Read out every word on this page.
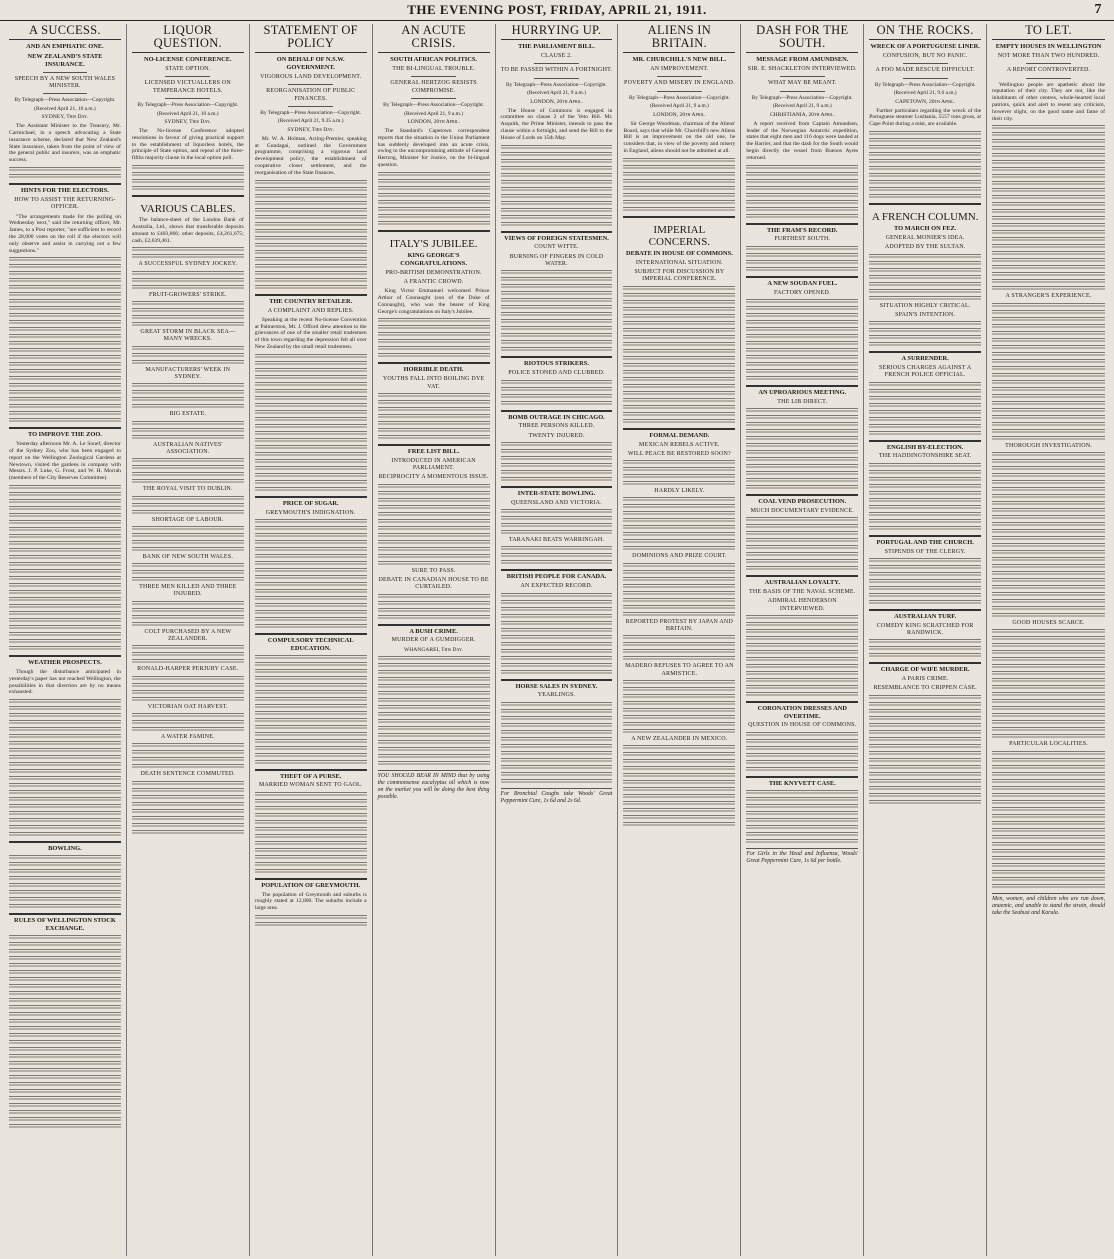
THE EVENING POST, FRIDAY, APRIL 21, 1911.	7
A SUCCESS.
AND AN EMPHATIC ONE.
NEW ZEALAND'S STATE INSURANCE.
SPEECH BY A NEW SOUTH WALES MINISTER.
By Telegraph—Press Association—Copyright.
(Received April 21, 10 a.m.)
SYDNEY, This Day.

The Assistant Minister to the Treasury, Mr. Carmichael, in a speech advocating a State insurance scheme, declared that New Zealand's State insurance, taken from the point of view of the general public and insurers, was an emphatic success.

HINTS FOR THE ELECTORS.
HOW TO ASSIST THE RETURNING-OFFICER.

"The arrangements made for the polling on Wednesday next," said the returning officer, Mr. James, to a Post reporter, "are sufficient to record the 28,000 votes on the roll if the electors will only observe and assist in carrying out a few suggestions."

TO IMPROVE THE ZOO.

Yesterday afternoon Mr. A. Le Souef, director of the Sydney Zoo, who has been engaged to report on the Wellington Zoological Gardens at Newtown, visited the gardens in company with Messrs. J. P. Luke, G. Frost, and W. H. Morrah (members of the City Reserves Committee).

WEATHER PROSPECTS.

Though the disturbance anticipated in yesterday's paper has not reached Wellington, the possibilities in that direction are by no means exhausted.

BOWLING.
RULES OF WELLINGTON STOCK EXCHANGE.
LIQUOR QUESTION.
NO-LICENSE CONFERENCE.
STATE OPTION.
LICENSED VICTUALLERS ON TEMPERANCE HOTELS.
By Telegraph—Press Association—Copyright.
(Received April 21, 10 a.m.)
SYDNEY, This Day.

The No-license Conference adopted resolutions in favour of giving practical support to the establishment of liquorless hotels, the principle of State option, and repeal of the three-fifths majority clause in the local option poll.

VARIOUS CABLES.

The balance-sheet of the London Bank of Australia, Ltd., shows that transferable deposits amount to £403,866; other deposits, £4,261,675; cash, £2,639,461.

A SUCCESSFUL SYDNEY JOCKEY.
FRUIT-GROWERS' STRIKE.
GREAT STORM IN BLACK SEA—MANY WRECKS.
MANUFACTURERS' WEEK IN SYDNEY.
BIG ESTATE.
AUSTRALIAN NATIVES' ASSOCIATION.
THE ROYAL VISIT TO DUBLIN.
SHORTAGE OF LABOUR.
BANK OF NEW SOUTH WALES.
THREE MEN KILLED AND THREE INJURED.
COLT PURCHASED BY A NEW ZEALANDER.
RONALD-HARPER PERJURY CASE.
VICTORIAN OAT HARVEST.
A WATER FAMINE.
DEATH SENTENCE COMMUTED.
STATEMENT OF POLICY
ON BEHALF OF N.S.W. GOVERNMENT.
VIGOROUS LAND DEVELOPMENT.
REORGANISATION OF PUBLIC FINANCES.
By Telegraph—Press Association—Copyright.
(Received April 21, 9.35 a.m.)
SYDNEY, This Day.

Mr. W. A. Holman, Acting-Premier, speaking at Gundagai, outlined the Government programme, comprising a vigorous land development policy, the establishment of cooperative closer settlement, and the reorganisation of the State finances.

THE COUNTRY RETAILER.
A COMPLAINT AND REPLIES.

Speaking at the recent No-license Convention at Palmerston, Mr. J. Offord drew attention to the grievances of one of the smaller retail tradesmen of this town regarding the depression felt all over New Zealand by the small retail tradesmen.

PRICE OF SUGAR.
GREYMOUTH'S INDIGNATION.
COMPULSORY TECHNICAL EDUCATION.
THEFT OF A PURSE.
MARRIED WOMAN SENT TO GAOL.
POPULATION OF GREYMOUTH.

The population of Greymouth and suburbs is roughly stated at 12,800. The suburbs include a large area.

AN ACUTE CRISIS.
SOUTH AFRICAN POLITICS.
THE BI-LINGUAL TROUBLE.
GENERAL HERTZOG RESISTS COMPROMISE.
By Telegraph—Press Association—Copyright.
(Received April 21, 9 a.m.)
LONDON, 20th April.

The Standard's Capetown correspondent reports that the situation in the Union Parliament has suddenly developed into an acute crisis, owing to the uncompromising attitude of General Hertzog, Minister for Justice, on the bi-lingual question.

ITALY'S JUBILEE.
KING GEORGE'S CONGRATULATIONS.
PRO-BRITISH DEMONSTRATION.
A FRANTIC CROWD.

King Victor Emmanuel welcomed Prince Arthur of Connaught (son of the Duke of Connaught), who was the bearer of King George's congratulations on Italy's Jubilee.

HORRIBLE DEATH.
YOUTHS FALL INTO BOILING DYE VAT.
FREE LIST BILL.
INTRODUCED IN AMERICAN PARLIAMENT.
RECIPROCITY A MOMENTOUS ISSUE.
SURE TO PASS.
DEBATE IN CANADIAN HOUSE TO BE CURTAILED.
A BUSH CRIME.
MURDER OF A GUMDIGGER.
WHANGAREI, This Day.
YOU SHOULD BEAR IN MIND that by using the commonsense eucalyptus oil which is now on the market you will be doing the best thing possible.
HURRYING UP.
THE PARLIAMENT BILL.
CLAUSE 2.
TO BE PASSED WITHIN A FORTNIGHT.
By Telegraph—Press Association—Copyright.
(Received April 21, 9 a.m.)
LONDON, 20th April.

The House of Commons is engaged in committee on clause 2 of the Veto Bill. Mr. Asquith, the Prime Minister, intends to pass the clause within a fortnight, and send the Bill to the House of Lords on 15th May.

VIEWS OF FOREIGN STATESMEN.
COUNT WITTE.
BURNING OF FINGERS IN COLD WATER.
RIOTOUS STRIKERS.
POLICE STONED AND CLUBBED.
BOMB OUTRAGE IN CHICAGO.
THREE PERSONS KILLED.
TWENTY INJURED.
INTER-STATE BOWLING.
QUEENSLAND AND VICTORIA.
TARANAKI BEATS WARRINGAH.
BRITISH PEOPLE FOR CANADA.
AN EXPECTED RECORD.
HORSE SALES IN SYDNEY.
YEARLINGS.
For Bronchial Coughs take Woods' Great Peppermint Cure, 1s 6d and 2s 6d.
ALIENS IN BRITAIN.
MR. CHURCHILL'S NEW BILL.
AN IMPROVEMENT.
POVERTY AND MISERY IN ENGLAND.
By Telegraph—Press Association—Copyright.
(Received April 21, 9 a.m.)
LONDON, 20th April.

Sir George Woodman, chairman of the Aliens' Board, says that while Mr. Churchill's new Aliens Bill is an improvement on the old one, he considers that, in view of the poverty and misery in England, aliens should not be admitted at all.

IMPERIAL CONCERNS.
DEBATE IN HOUSE OF COMMONS.
INTERNATIONAL SITUATION.
SUBJECT FOR DISCUSSION BY IMPERIAL CONFERENCE.
FORMAL DEMAND.
MEXICAN REBELS ACTIVE.
WILL PEACE BE RESTORED SOON?
HARDLY LIKELY.
DOMINIONS AND PRIZE COURT.
REPORTED PROTEST BY JAPAN AND BRITAIN.
MADERO REFUSES TO AGREE TO AN ARMISTICE.
A NEW ZEALANDER IN MEXICO.
DASH FOR THE SOUTH.
MESSAGE FROM AMUNDSEN.
SIR. E. SHACKLETON INTERVIEWED.
WHAT MAY BE MEANT.
By Telegraph—Press Association—Copyright.
(Received April 21, 9 a.m.)
CHRISTIANIA, 20th April.

A report received from Captain Amundsen, leader of the Norwegian Antarctic expedition, states that eight men and 116 dogs were landed at the Barrier, and that the dash for the South would begin directly the vessel from Buenos Ayres returned.

THE FRAM'S RECORD.
FURTHEST SOUTH.
A NEW SOUDAN FUEL.
FACTORY OPENED.
AN UPROARIOUS MEETING.
THE LIB DIRECT.
COAL VEND PROSECUTION.
MUCH DOCUMENTARY EVIDENCE.
AUSTRALIAN LOYALTY.
THE BASIS OF THE NAVAL SCHEME.
ADMIRAL HENDERSON INTERVIEWED.
CORONATION DRESSES AND OVERTIME.
QUESTION IN HOUSE OF COMMONS.
THE KNYVETT CASE.
For Girls in the Head and Influenza, Woods' Great Peppermint Cure, 1s 6d per bottle.
ON THE ROCKS.
WRECK OF A PORTUGUESE LINER.
CONFUSION, BUT NO PANIC.
A FOO MADE RESCUE DIFFICULT.
By Telegraph—Press Association—Copyright.
(Received April 21, 9.6 a.m.)
CAPETOWN, 20th April.

Further particulars regarding the wreck of the Portuguese steamer Lusitania, 5557 tons gross, at Cape Point during a mist, are available.

A FRENCH COLUMN.
TO MARCH ON FEZ.
GENERAL MONIER'S IDEA.
ADOPTED BY THE SULTAN.
SITUATION HIGHLY CRITICAL.
SPAIN'S INTENTION.
A SURRENDER.
SERIOUS CHARGES AGAINST A FRENCH POLICE OFFICIAL.
ENGLISH BY-ELECTION.
THE HADDINGTONSHIRE SEAT.
PORTUGAL AND THE CHURCH.
STIPENDS OF THE CLERGY.
AUSTRALIAN TURF.
COMEDY KING SCRATCHED FOR RANDWICK.
CHARGE OF WIFE MURDER.
A PARIS CRIME.
RESEMBLANCE TO CRIPPEN CASE.
TO LET.
EMPTY HOUSES IN WELLINGTON
NOT MORE THAN TWO HUNDRED.
A REPORT CONTROVERTED.

Wellington people are apathetic about the reputation of their city. They are not, like the inhabitants of other centres, whole-hearted local patriots, quick and alert to resent any criticism, however slight, on the good name and fame of their city.

A STRANGER'S EXPERIENCE.
THOROUGH INVESTIGATION.
GOOD HOUSES SCARCE.
PARTICULAR LOCALITIES.
Men, women, and children who are run down, anaemic, and unable to stand the strain, should take the Seabust and Karula.
